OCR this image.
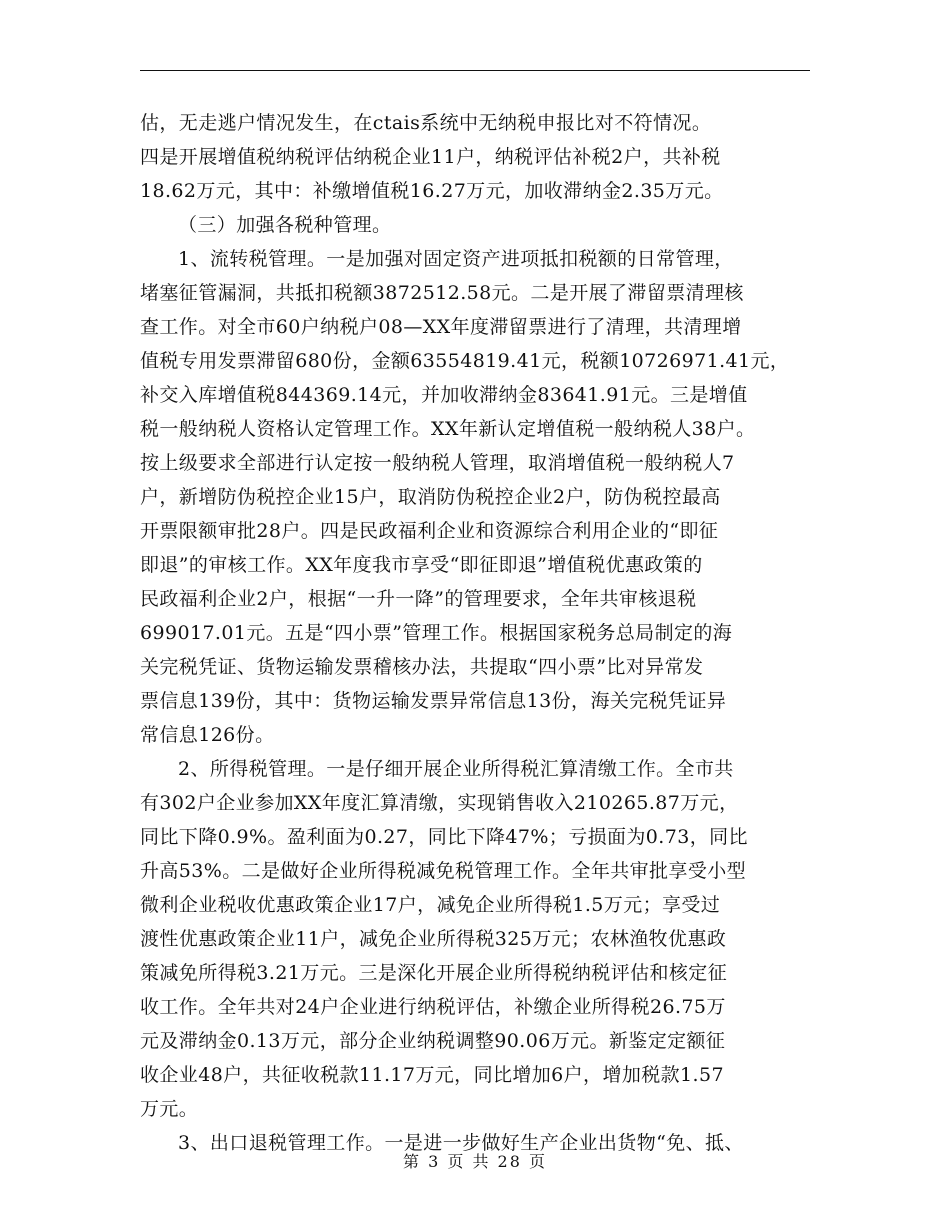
估，无走逃户情况发生，在ctais系统中无纳税申报比对不符情况。
四是开展增值税纳税评估纳税企业11户，纳税评估补税2户，共补税
18.62万元，其中：补缴增值税16.27万元，加收滞纳金2.35万元。
（三）加强各税种管理。
1、流转税管理。一是加强对固定资产进项抵扣税额的日常管理，
堵塞征管漏洞，共抵扣税额3872512.58元。二是开展了滞留票清理核
查工作。对全市60户纳税户08—XX年度滞留票进行了清理，共清理增
值税专用发票滞留680份，金额63554819.41元，税额10726971.41元，
补交入库增值税844369.14元，并加收滞纳金83641.91元。三是增值
税一般纳税人资格认定管理工作。XX年新认定增值税一般纳税人38户。
按上级要求全部进行认定按一般纳税人管理，取消增值税一般纳税人7
户，新增防伪税控企业15户，取消防伪税控企业2户，防伪税控最高
开票限额审批28户。四是民政福利企业和资源综合利用企业的“即征
即退”的审核工作。XX年度我市享受“即征即退”增值税优惠政策的
民政福利企业2户，根据“一升一降”的管理要求，全年共审核退税
699017.01元。五是“四小票”管理工作。根据国家税务总局制定的海
关完税凭证、货物运输发票稽核办法，共提取“四小票”比对异常发
票信息139份，其中：货物运输发票异常信息13份，海关完税凭证异
常信息126份。
2、所得税管理。一是仔细开展企业所得税汇算清缴工作。全市共
有302户企业参加XX年度汇算清缴，实现销售收入210265.87万元，
同比下降0.9%。盈利面为0.27，同比下降47%；亏损面为0.73，同比
升高53%。二是做好企业所得税减免税管理工作。全年共审批享受小型
微利企业税收优惠政策企业17户，减免企业所得税1.5万元；享受过
渡性优惠政策企业11户，减免企业所得税325万元；农林渔牧优惠政
策减免所得税3.21万元。三是深化开展企业所得税纳税评估和核定征
收工作。全年共对24户企业进行纳税评估，补缴企业所得税26.75万
元及滞纳金0.13万元，部分企业纳税调整90.06万元。新鉴定定额征
收企业48户，共征收税款11.17万元，同比增加6户，增加税款1.57
万元。
3、出口退税管理工作。一是进一步做好生产企业出货物“免、抵、
第 3 页 共 28 页
